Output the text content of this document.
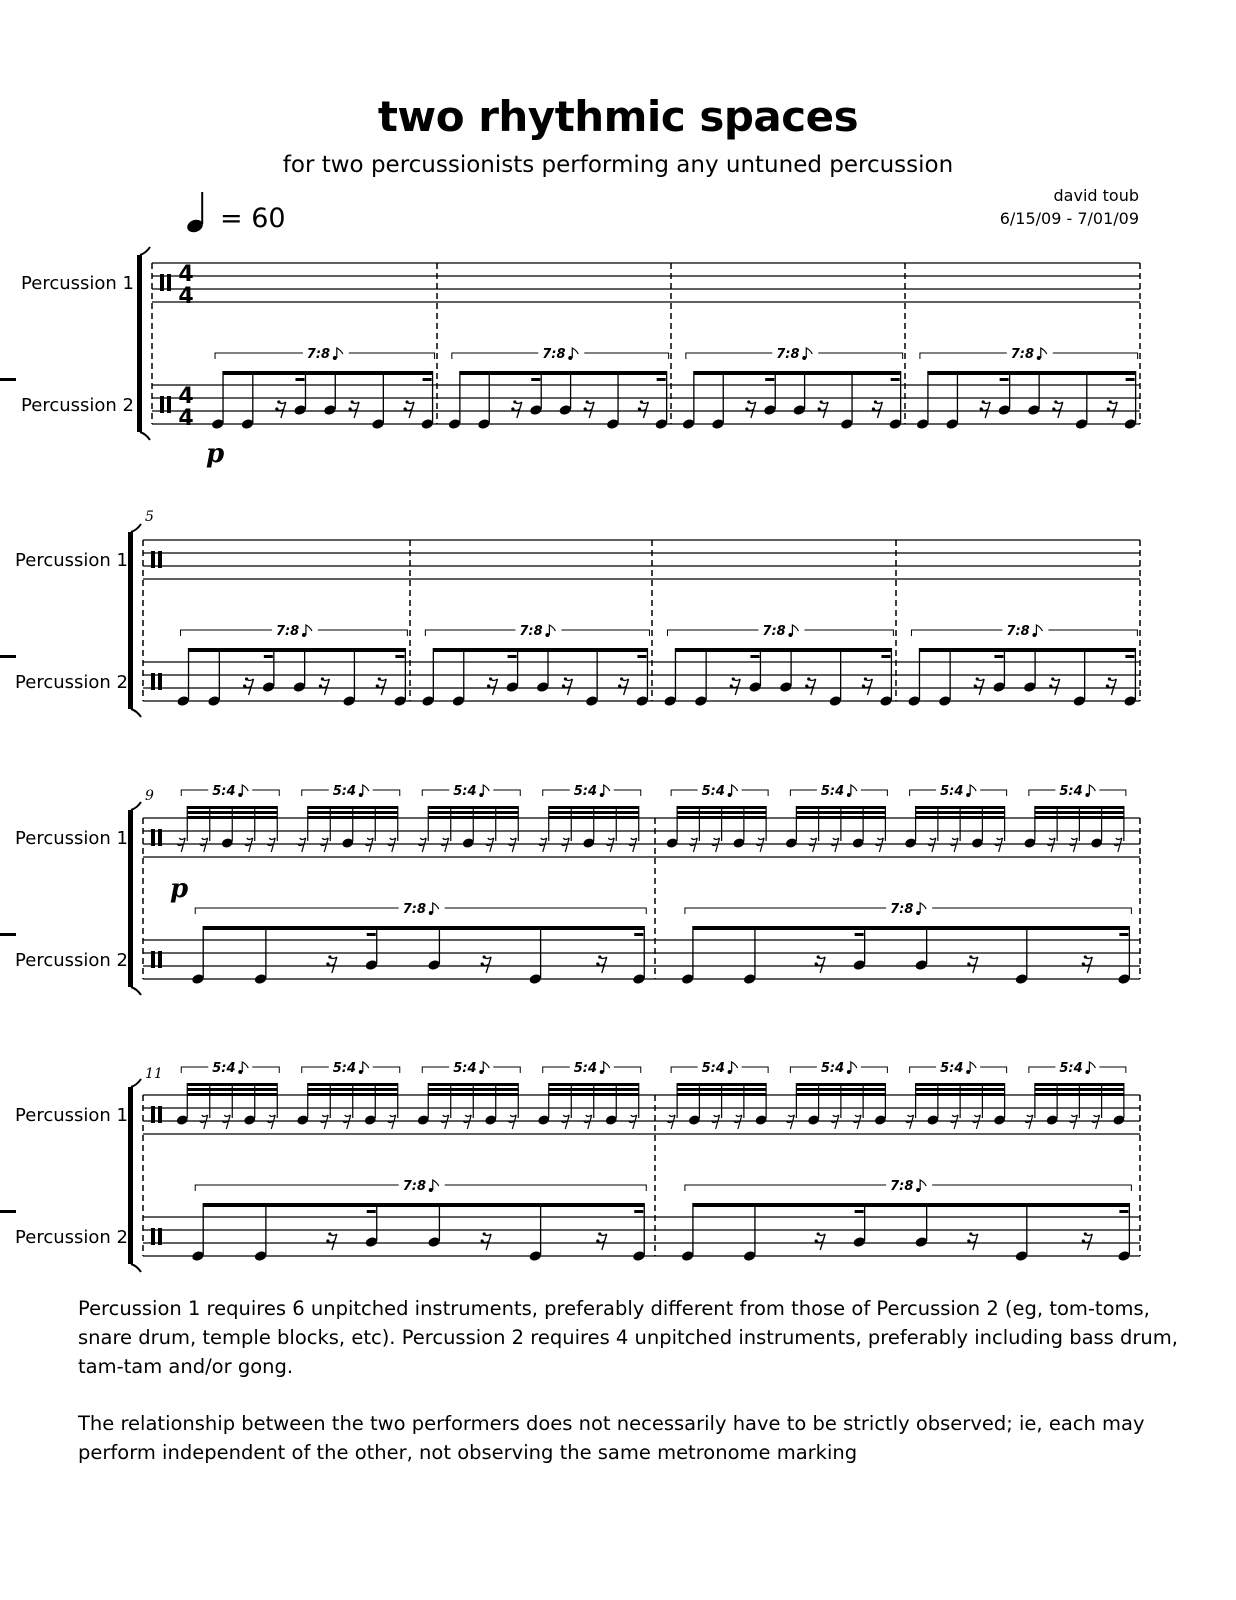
two rhythmic spaces
for two percussionists performing any untuned percussion
david toub
6/15/09 - 7/01/09
= 60
Percussion 1
Percussion 2
4
4
4
4
7:8	7:8	7:8	7:8
p
Percussion 1
Percussion 2
5
7:8	7:8	7:8	7:8
Percussion 1
Percussion 2
9
7:8
5:4	5:4	5:4	5:4
7:8
5:4	5:4	5:4	5:4
p
Percussion 1
Percussion 2
11
7:8
5:4	5:4	5:4	5:4
7:8
5:4	5:4	5:4	5:4

Percussion 1 requires 6 unpitched instruments, preferably different from those of Percussion 2 (eg, tom-toms, snare drum, temple blocks, etc). Percussion 2 requires 4 unpitched instruments, preferably including bass drum, tam-tam and/or gong.

The relationship between the two performers does not necessarily have to be strictly observed; ie, each may perform independent of the other, not observing the same metronome marking
